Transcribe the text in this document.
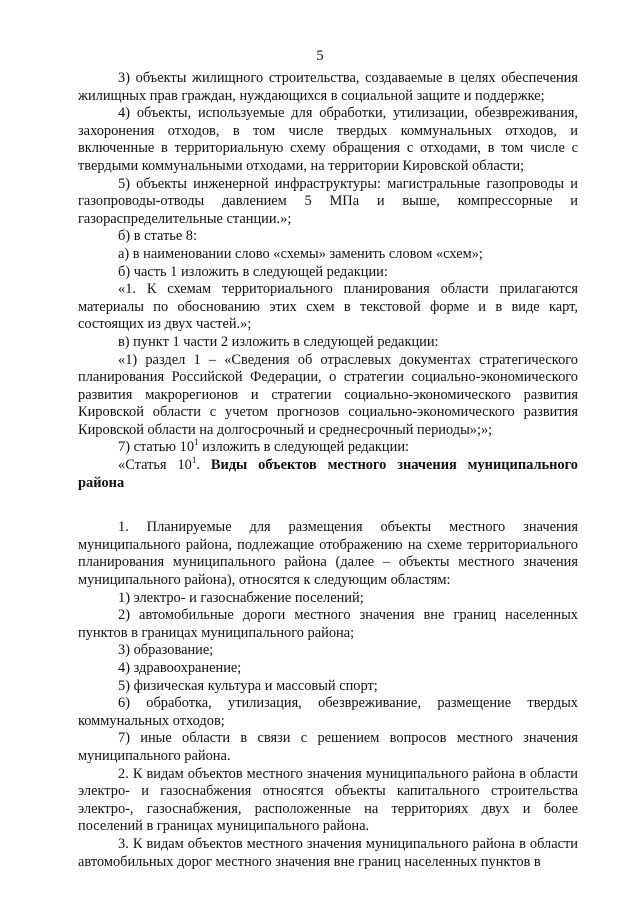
5

3) объекты жилищного строительства, создаваемые в целях обеспечения жилищных прав граждан, нуждающихся в социальной защите и поддержке;

4) объекты, используемые для обработки, утилизации, обезвреживания, захоронения отходов, в том числе твердых коммунальных отходов, и включенные в территориальную схему обращения с отходами, в том числе с твердыми коммунальными отходами, на территории Кировской области;

5) объекты инженерной инфраструктуры: магистральные газопроводы и газопроводы-отводы давлением 5 МПа и выше, компрессорные и газораспределительные станции.»;

б) в статье 8:

а) в наименовании слово «схемы» заменить словом «схем»;

б) часть 1 изложить в следующей редакции:

«1. К схемам территориального планирования области прилагаются материалы по обоснованию этих схем в текстовой форме и в виде карт, состоящих из двух частей.»;

в) пункт 1 части 2 изложить в следующей редакции:

«1) раздел 1 – «Сведения об отраслевых документах стратегического планирования Российской Федерации, о стратегии социально-экономического развития макрорегионов и стратегии социально-экономического развития Кировской области с учетом прогнозов социально-экономического развития Кировской области на долгосрочный и среднесрочный периоды»;»;

7) статью $10^1$ изложить в следующей редакции:

«Статья $10^1$. Виды объектов местного значения муниципального района

1. Планируемые для размещения объекты местного значения муниципального района, подлежащие отображению на схеме территориального планирования муниципального района (далее – объекты местного значения муниципального района), относятся к следующим областям:

1) электро- и газоснабжение поселений;

2) автомобильные дороги местного значения вне границ населенных пунктов в границах муниципального района;

3) образование;

4) здравоохранение;

5) физическая культура и массовый спорт;

6) обработка, утилизация, обезвреживание, размещение твердых коммунальных отходов;

7) иные области в связи с решением вопросов местного значения муниципального района.

2. К видам объектов местного значения муниципального района в области электро- и газоснабжения относятся объекты капитального строительства электро-, газоснабжения, расположенные на территориях двух и более поселений в границах муниципального района.

3. К видам объектов местного значения муниципального района в области автомобильных дорог местного значения вне границ населенных пунктов в
